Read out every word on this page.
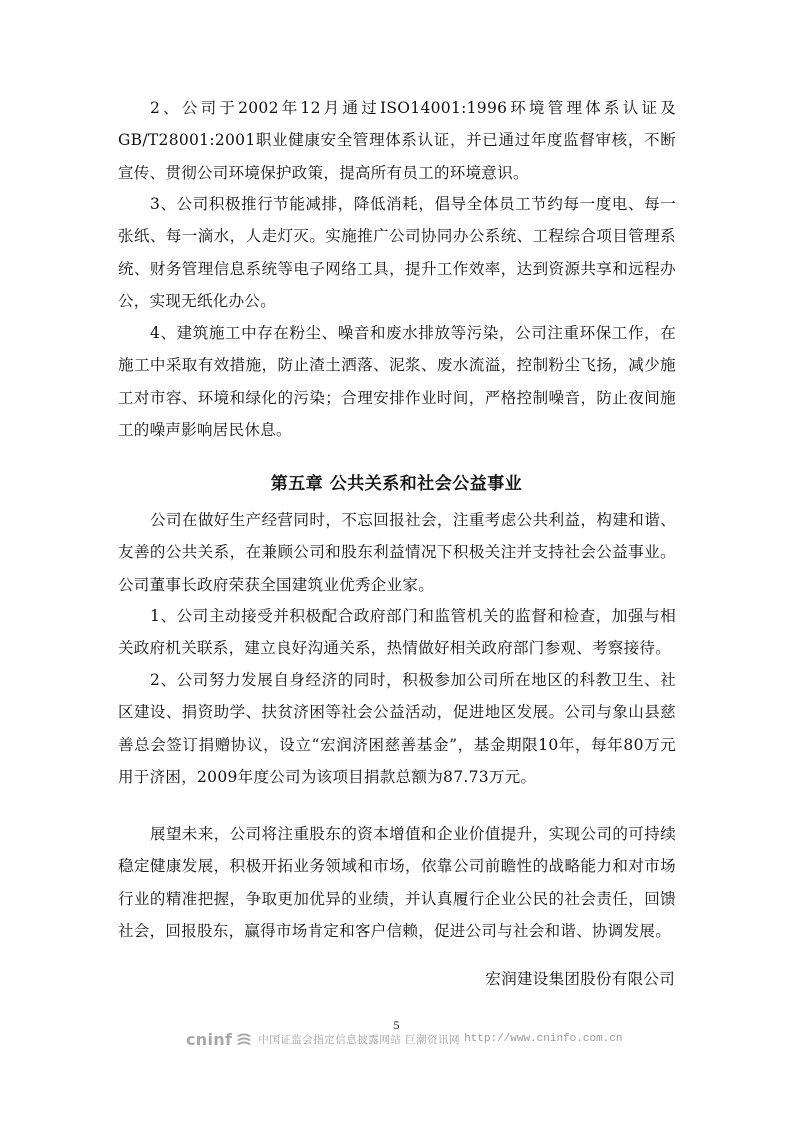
2、公司于2002年12月通过ISO14001:1996环境管理体系认证及GB/T28001:2001职业健康安全管理体系认证，并已通过年度监督审核，不断宣传、贯彻公司环境保护政策，提高所有员工的环境意识。

3、公司积极推行节能减排，降低消耗，倡导全体员工节约每一度电、每一张纸、每一滴水，人走灯灭。实施推广公司协同办公系统、工程综合项目管理系统、财务管理信息系统等电子网络工具，提升工作效率，达到资源共享和远程办公，实现无纸化办公。

4、建筑施工中存在粉尘、噪音和废水排放等污染，公司注重环保工作，在施工中采取有效措施，防止渣土洒落、泥浆、废水流溢，控制粉尘飞扬，减少施工对市容、环境和绿化的污染；合理安排作业时间，严格控制噪音，防止夜间施工的噪声影响居民休息。

第五章 公共关系和社会公益事业

公司在做好生产经营同时，不忘回报社会，注重考虑公共利益，构建和谐、友善的公共关系，在兼顾公司和股东利益情况下积极关注并支持社会公益事业。公司董事长政府荣获全国建筑业优秀企业家。

1、公司主动接受并积极配合政府部门和监管机关的监督和检查，加强与相关政府机关联系，建立良好沟通关系，热情做好相关政府部门参观、考察接待。

2、公司努力发展自身经济的同时，积极参加公司所在地区的科教卫生、社区建设、捐资助学、扶贫济困等社会公益活动，促进地区发展。公司与象山县慈善总会签订捐赠协议，设立“宏润济困慈善基金”，基金期限10年，每年80万元用于济困，2009年度公司为该项目捐款总额为87.73万元。

展望未来，公司将注重股东的资本增值和企业价值提升，实现公司的可持续稳定健康发展，积极开拓业务领域和市场，依靠公司前瞻性的战略能力和对市场行业的精准把握，争取更加优异的业绩，并认真履行企业公民的社会责任，回馈社会，回报股东，赢得市场肯定和客户信赖，促进公司与社会和谐、协调发展。

宏润建设集团股份有限公司
5
cninf 中国证监会指定信息披露网站 巨潮资讯网 http://www.cninfo.com.cn
